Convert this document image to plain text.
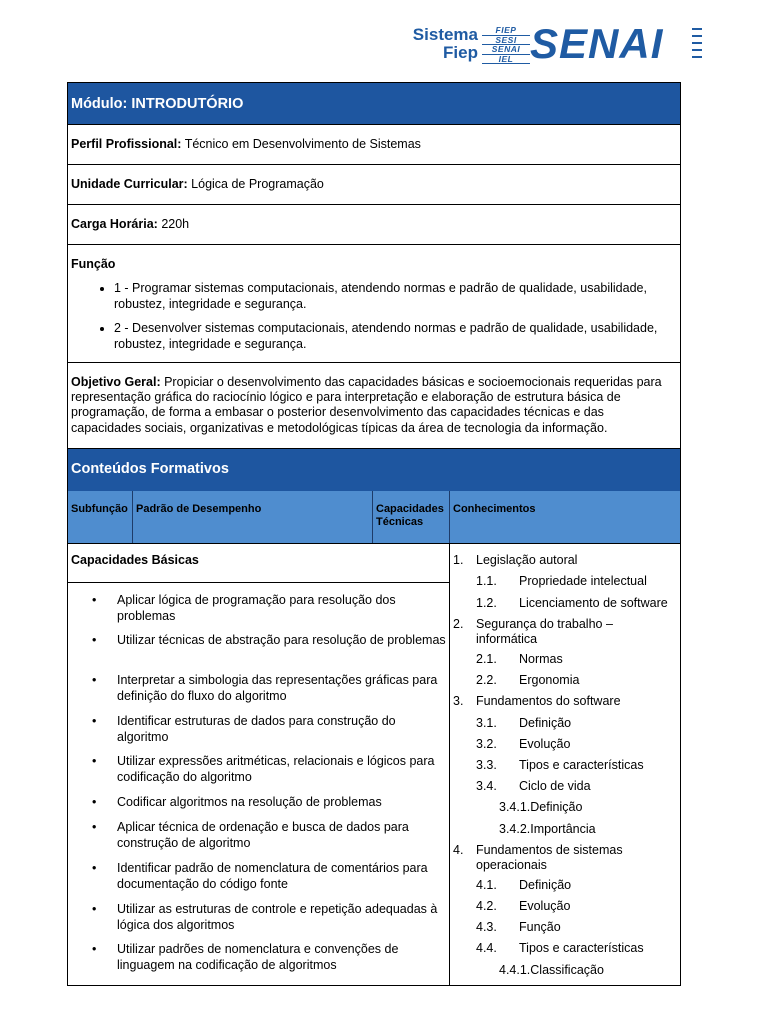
Sistema
Fiep
FIEP
SESI
SENAI
IEL SENAI
Módulo: INTRODUTÓRIO
Perfil Profissional: Técnico em Desenvolvimento de Sistemas
Unidade Curricular: Lógica de Programação
Carga Horária: 220h
Função
• 1 - Programar sistemas computacionais, atendendo normas e padrão de qualidade, usabilidade, robustez, integridade e segurança.
• 2 - Desenvolver sistemas computacionais, atendendo normas e padrão de qualidade, usabilidade, robustez, integridade e segurança.
Objetivo Geral: Propiciar o desenvolvimento das capacidades básicas e socioemocionais requeridas para representação gráfica do raciocínio lógico e para interpretação e elaboração de estrutura básica de programação, de forma a embasar o posterior desenvolvimento das capacidades técnicas e das capacidades sociais, organizativas e metodológicas típicas da área de tecnologia da informação.
Conteúdos Formativos
Subfunção Padrão de Desempenho	Capacidades Técnicas
Conhecimentos
Capacidades Básicas
• Aplicar lógica de programação para resolução dos problemas
• Utilizar técnicas de abstração para resolução de problemas
• Interpretar a simbologia das representações gráficas para definição do fluxo do algoritmo
• Identificar estruturas de dados para construção do algoritmo
• Utilizar expressões aritméticas, relacionais e lógicos para codificação do algoritmo
• Codificar algoritmos na resolução de problemas
• Aplicar técnica de ordenação e busca de dados para construção de algoritmo
• Identificar padrão de nomenclatura de comentários para documentação do código fonte
• Utilizar as estruturas de controle e repetição adequadas à lógica dos algoritmos
• Utilizar padrões de nomenclatura e convenções de linguagem na codificação de algoritmos
1. Legislação autoral
1.1. Propriedade intelectual
1.2. Licenciamento de software
2. Segurança do trabalho – informática
2.1. Normas
2.2. Ergonomia
3. Fundamentos do software
3.1. Definição
3.2. Evolução
3.3. Tipos e características
3.4. Ciclo de vida
3.4.1.Definição
3.4.2.Importância
4. Fundamentos de sistemas operacionais
4.1. Definição
4.2. Evolução
4.3. Função
4.4. Tipos e características
4.4.1.Classificação
